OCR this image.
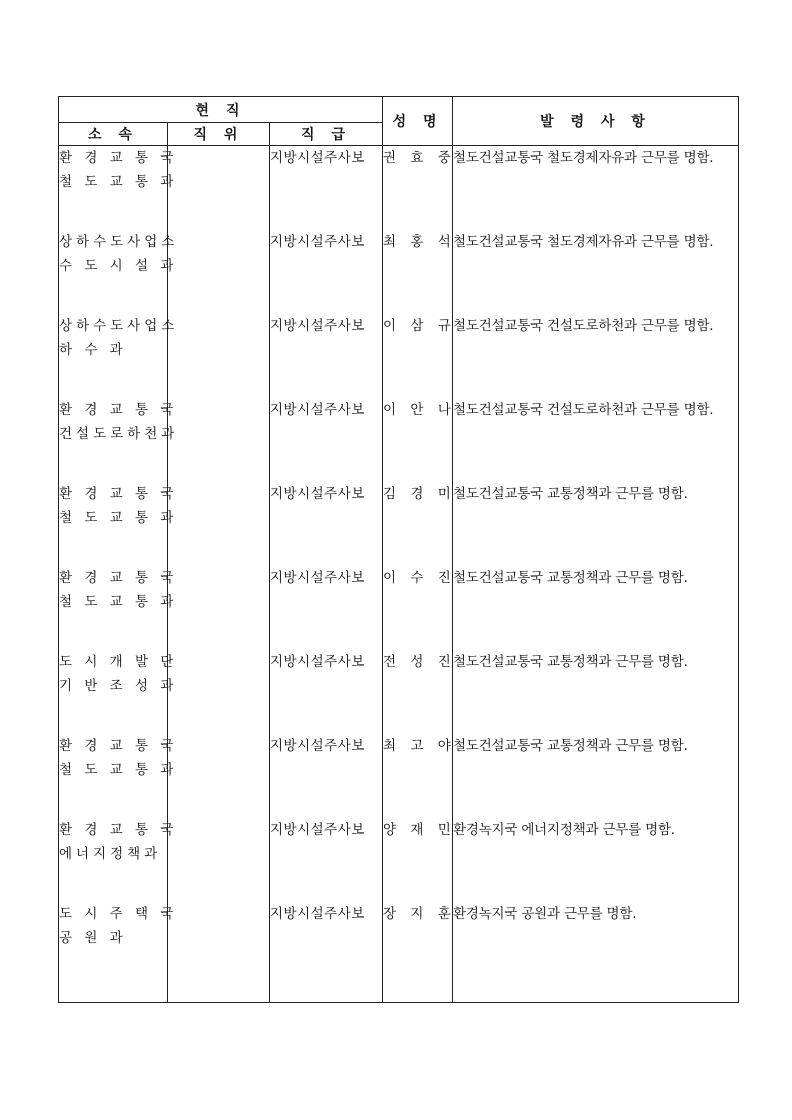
현 직			성 명	발 령 사 항
소 속	직 위	직 급		

환 경 교 통 국
철 도 교 통 과		지방시설주사보	권 효 중	철도건설교통국 철도경제자유과 근무를 명함.

상하수도사업소
수 도 시 설 과		지방시설주사보	최 홍 석	철도건설교통국 철도경제자유과 근무를 명함.

상하수도사업소
하 수 과		지방시설주사보	이 삼 규	철도건설교통국 건설도로하천과 근무를 명함.

환 경 교 통 국
건설도로하천과		지방시설주사보	이 안 나	철도건설교통국 건설도로하천과 근무를 명함.

환 경 교 통 국
철 도 교 통 과		지방시설주사보	김 경 미	철도건설교통국 교통정책과 근무를 명함.

환 경 교 통 국
철 도 교 통 과		지방시설주사보	이 수 진	철도건설교통국 교통정책과 근무를 명함.

도 시 개 발 단
기 반 조 성 과		지방시설주사보	전 성 진	철도건설교통국 교통정책과 근무를 명함.

환 경 교 통 국
철 도 교 통 과		지방시설주사보	최 고 야	철도건설교통국 교통정책과 근무를 명함.

환 경 교 통 국
에너지정책과		지방시설주사보	양 재 민	환경녹지국 에너지정책과 근무를 명함.

도 시 주 택 국
공 원 과		지방시설주사보	장 지 훈	환경녹지국 공원과 근무를 명함.
